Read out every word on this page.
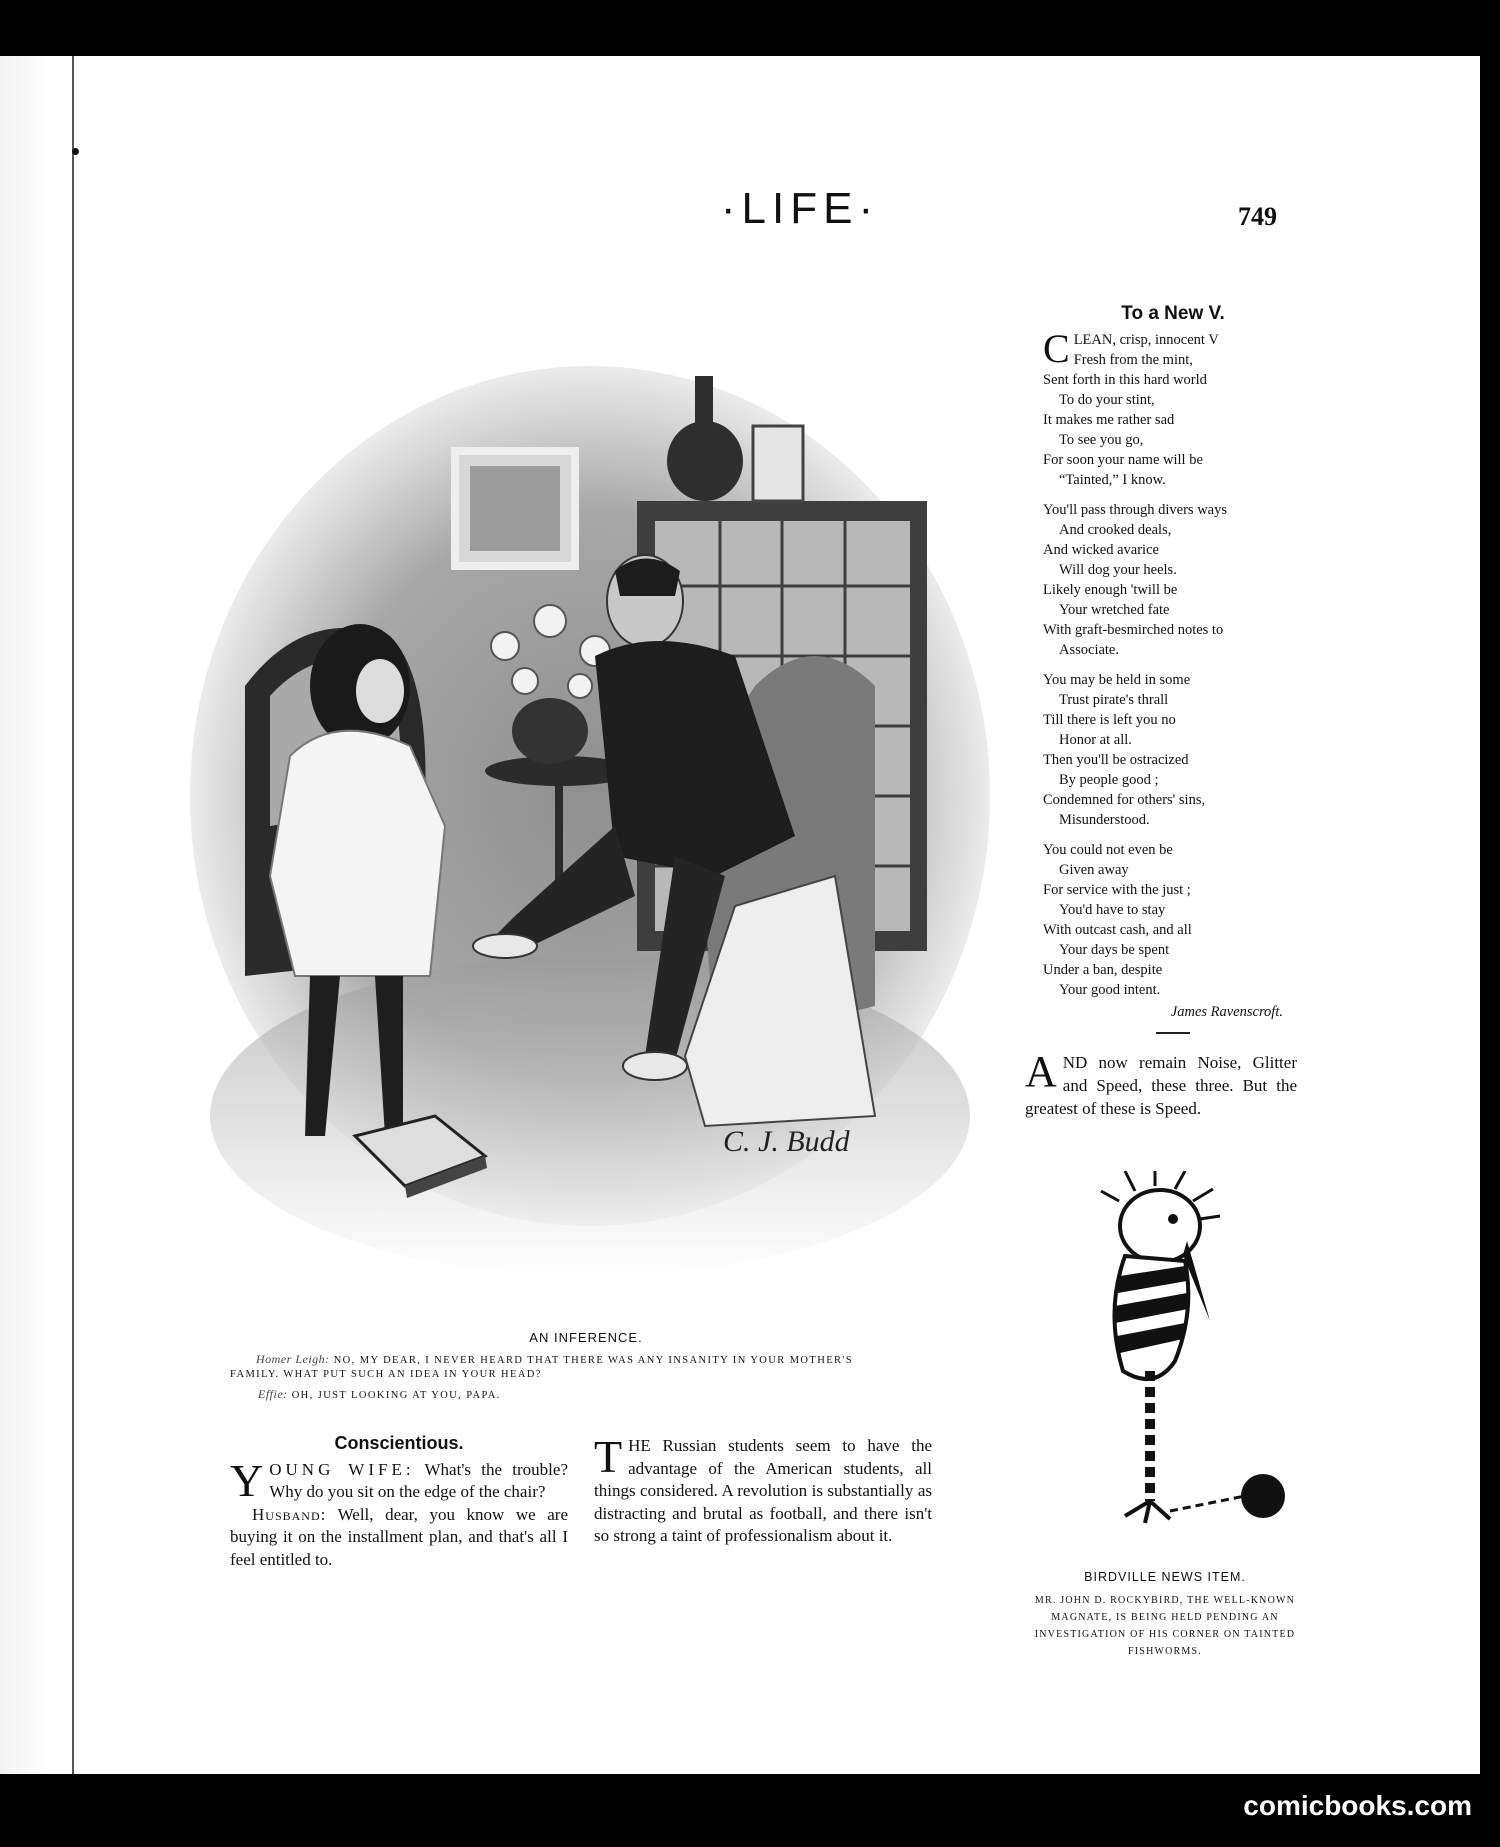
·LIFE·	749
C. J. Budd
AN INFERENCE.
Homer Leigh: NO, MY DEAR, I NEVER HEARD THAT THERE WAS ANY INSANITY IN YOUR MOTHER'S
FAMILY. WHAT PUT SUCH AN IDEA IN YOUR HEAD?
Effie: OH, JUST LOOKING AT YOU, PAPA.
Conscientious.

YOUNG WIFE: What's the trouble? Why do you sit on the edge of the chair?

Husband: Well, dear, you know we are buying it on the installment plan, and that's all I feel entitled to.

THE Russian students seem to have the advantage of the American students, all things considered. A revolution is substantially as distracting and brutal as football, and there isn't so strong a taint of professionalism about it.

To a New V.
C LEAN, crisp, innocent V
Fresh from the mint,
Sent forth in this hard world
To do your stint,
It makes me rather sad
To see you go,
For soon your name will be
“Tainted,” I know.
You'll pass through divers ways
And crooked deals,
And wicked avarice
Will dog your heels.
Likely enough 'twill be
Your wretched fate
With graft-besmirched notes to
Associate.
You may be held in some
Trust pirate's thrall
Till there is left you no
Honor at all.
Then you'll be ostracized
By people good ;
Condemned for others' sins,
Misunderstood.
You could not even be
Given away
For service with the just ;
You'd have to stay
With outcast cash, and all
Your days be spent
Under a ban, despite
Your good intent.
James Ravenscroft.
AND now remain Noise, Glitter and Speed, these three. But the greatest of these is Speed.
BIRDVILLE NEWS ITEM.
MR. JOHN D. ROCKYBIRD, THE WELL-KNOWN MAGNATE, IS BEING HELD PENDING AN INVESTIGATION OF HIS CORNER ON TAINTED FISHWORMS.
comicbooks.com
